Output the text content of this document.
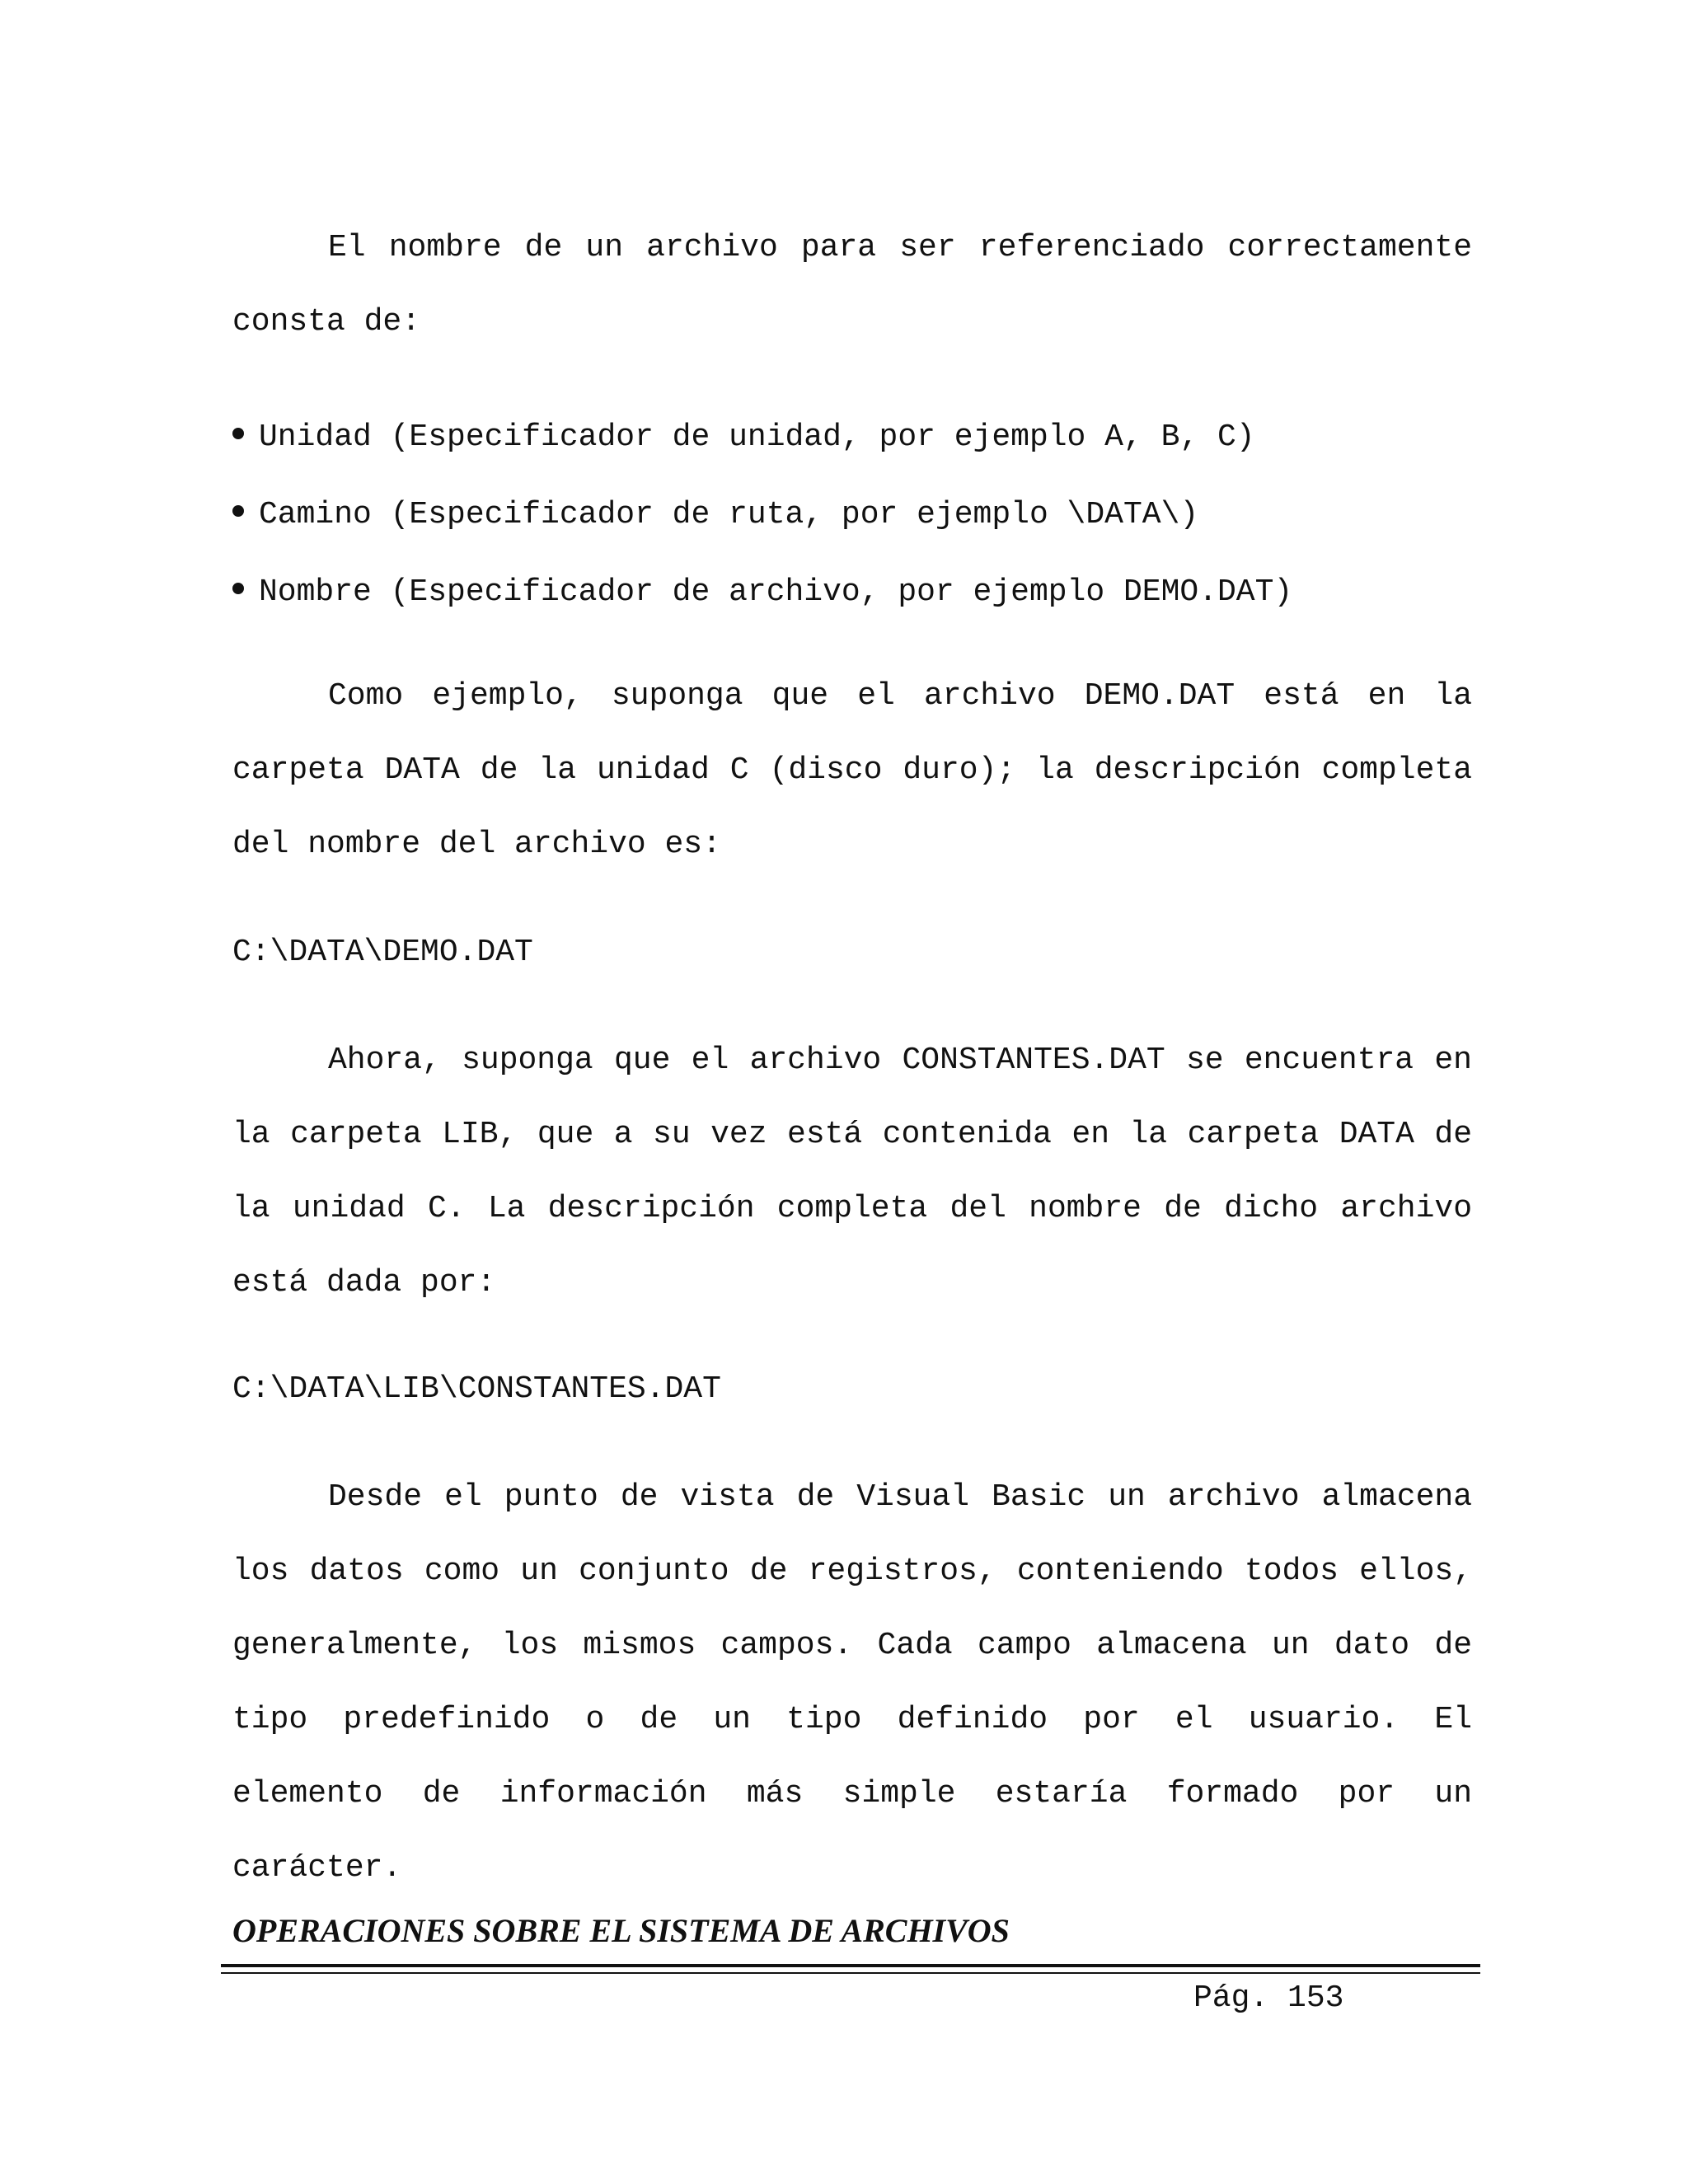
El nombre de un archivo para ser referenciado correctamente consta de:

Unidad (Especificador de unidad, por ejemplo A, B, C)
Camino (Especificador de ruta, por ejemplo \DATA\)
Nombre (Especificador de archivo, por ejemplo DEMO.DAT)

Como ejemplo, suponga que el archivo DEMO.DAT está en la carpeta DATA de la unidad C (disco duro); la descripción completa del nombre del archivo es:

C:\DATA\DEMO.DAT

Ahora, suponga que el archivo CONSTANTES.DAT se encuentra en la carpeta LIB, que a su vez está contenida en la carpeta DATA de la unidad C. La descripción completa del nombre de dicho archivo está dada por:

C:\DATA\LIB\CONSTANTES.DAT

Desde el punto de vista de Visual Basic un archivo almacena los datos como un conjunto de registros, conteniendo todos ellos, generalmente, los mismos campos. Cada campo almacena un dato de tipo predefinido o de un tipo definido por el usuario. El elemento de información más simple estaría formado por un carácter.

OPERACIONES SOBRE EL SISTEMA DE ARCHIVOS
Pág. 153
